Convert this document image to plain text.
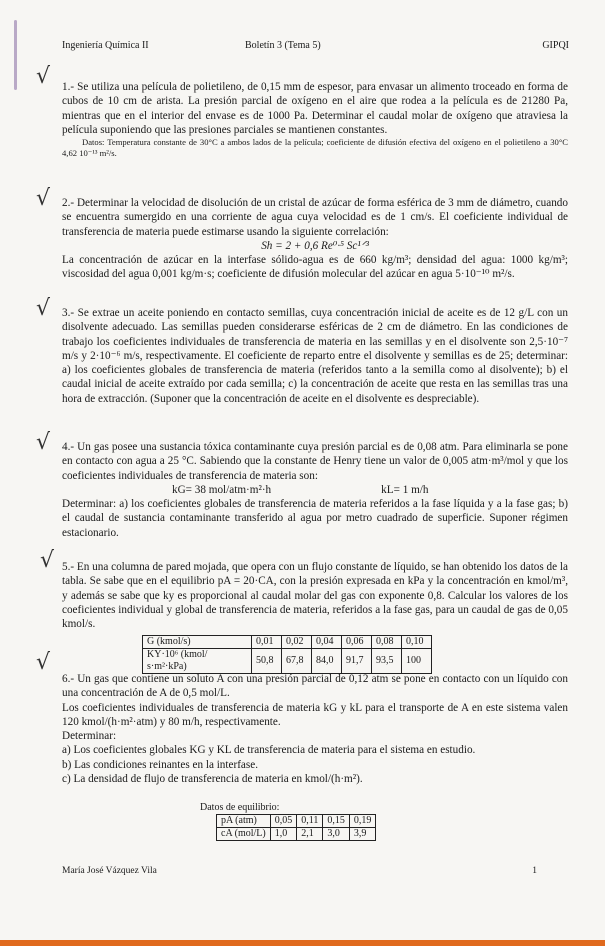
Ingeniería Química II	Boletín 3 (Tema 5)	GIPQI
√
√
√
√
√
√

1.- Se utiliza una película de polietileno, de 0,15 mm de espesor, para envasar un alimento troceado en forma de cubos de 10 cm de arista. La presión parcial de oxígeno en el aire que rodea a la película es de 21280 Pa, mientras que en el interior del envase es de 1000 Pa. Determinar el caudal molar de oxígeno que atraviesa la película suponiendo que las presiones parciales se mantienen constantes.

Datos: Temperatura constante de 30°C a ambos lados de la película; coeficiente de difusión efectiva del oxígeno en el polietileno a 30°C 4,62 10⁻¹³ m²/s.

2.- Determinar la velocidad de disolución de un cristal de azúcar de forma esférica de 3 mm de diámetro, cuando se encuentra sumergido en una corriente de agua cuya velocidad es de 1 cm/s. El coeficiente individual de transferencia de materia puede estimarse usando la siguiente correlación:

Sh = 2 + 0,6 Re⁰·⁵ Sc¹ᐟ³

La concentración de azúcar en la interfase sólido-agua es de 660 kg/m³; densidad del agua: 1000 kg/m³; viscosidad del agua 0,001 kg/m·s; coeficiente de difusión molecular del azúcar en agua 5·10⁻¹⁰ m²/s.

3.- Se extrae un aceite poniendo en contacto semillas, cuya concentración inicial de aceite es de 12 g/L con un disolvente adecuado. Las semillas pueden considerarse esféricas de 2 cm de diámetro. En las condiciones de trabajo los coeficientes individuales de transferencia de materia en las semillas y en el disolvente son 2,5·10⁻⁷ m/s y 2·10⁻⁶ m/s, respectivamente. El coeficiente de reparto entre el disolvente y semillas es de 25; determinar: a) los coeficientes globales de transferencia de materia (referidos tanto a la semilla como al disolvente); b) el caudal inicial de aceite extraído por cada semilla; c) la concentración de aceite que resta en las semillas tras una hora de extracción. (Suponer que la concentración de aceite en el disolvente es despreciable).

4.- Un gas posee una sustancia tóxica contaminante cuya presión parcial es de 0,08 atm. Para eliminarla se pone en contacto con agua a 25 °C. Sabiendo que la constante de Henry tiene un valor de 0,005 atm·m³/mol y que los coeficientes individuales de transferencia de materia son:

kG= 38 mol/atm·m²·h	kL= 1 m/h

Determinar: a) los coeficientes globales de transferencia de materia referidos a la fase líquida y a la fase gas; b) el caudal de sustancia contaminante transferido al agua por metro cuadrado de superficie. Suponer régimen estacionario.

5.- En una columna de pared mojada, que opera con un flujo constante de líquido, se han obtenido los datos de la tabla. Se sabe que en el equilibrio pA = 20·CA, con la presión expresada en kPa y la concentración en kmol/m³, y además se sabe que ky es proporcional al caudal molar del gas con exponente 0,8. Calcular los valores de los coeficientes individual y global de transferencia de materia, referidos a la fase gas, para un caudal de gas de 0,05 kmol/s.

G (kmol/s)	0,01	0,02	0,04	0,06	0,08	0,10
KY·10⁶ (kmol/ s·m²·kPa)	50,8	67,8	84,0	91,7	93,5	100

6.- Un gas que contiene un soluto A con una presión parcial de 0,12 atm se pone en contacto con un líquido con una concentración de A de 0,5 mol/L.

Los coeficientes individuales de transferencia de materia kG y kL para el transporte de A en este sistema valen 120 kmol/(h·m²·atm) y 80 m/h, respectivamente.

Determinar:

a) Los coeficientes globales KG y KL de transferencia de materia para el sistema en estudio.

b) Las condiciones reinantes en la interfase.

c) La densidad de flujo de transferencia de materia en kmol/(h·m²).

Datos de equilibrio:
pA (atm)	0,05	0,11	0,15	0,19
cA (mol/L)	1,0	2,1	3,0	3,9
María José Vázquez Vila	1
